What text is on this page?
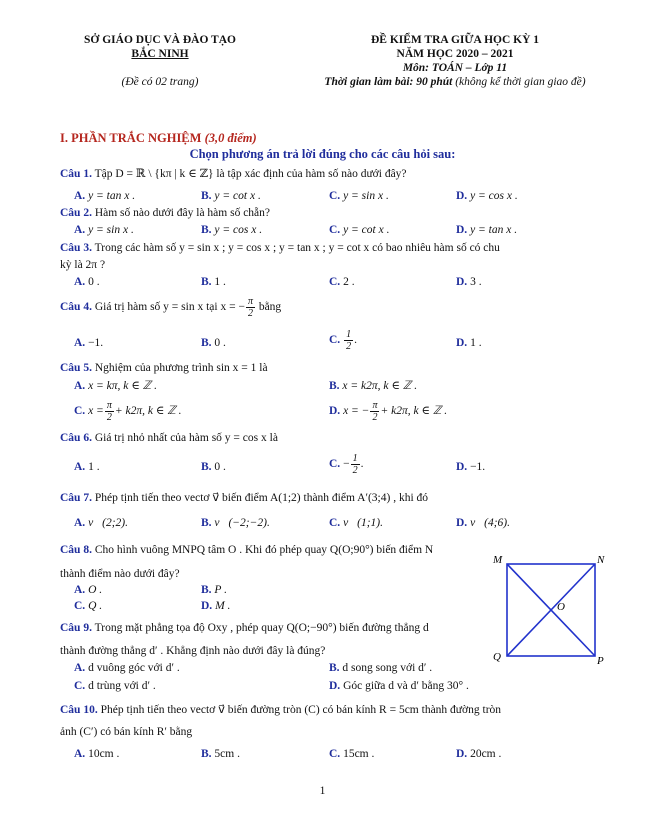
SỞ GIÁO DỤC VÀ ĐÀO TẠO
BẮC NINH
(Đề có 02 trang)
ĐỀ KIỂM TRA GIỮA HỌC KỲ 1
NĂM HỌC 2020 – 2021
Môn: TOÁN – Lớp 11
Thời gian làm bài: 90 phút (không kể thời gian giao đề)
I. PHẦN TRẮC NGHIỆM (3,0 điểm)
Chọn phương án trả lời đúng cho các câu hỏi sau:
Câu 1. Tập D = ℝ \ {kπ | k ∈ ℤ} là tập xác định của hàm số nào dưới đây?
A. y = tan x .	B. y = cot x .	C. y = sin x .	D. y = cos x .
Câu 2. Hàm số nào dưới đây là hàm số chẵn?
A. y = sin x .	B. y = cos x .	C. y = cot x .	D. y = tan x .
Câu 3. Trong các hàm số y = sin x ; y = cos x ; y = tan x ; y = cot x có bao nhiêu hàm số có chu
kỳ là 2π ?
A. 0 .	B. 1 .	C. 2 .	D. 3 .
Câu 4. Giá trị hàm số y = sin x tại x = − $\frac{\pi}{2}$ bằng
A. −1.	B. 0 .	C. $\frac{1}{2}$ .	D. 1 .
Câu 5. Nghiệm của phương trình sin x = 1 là
A. x = kπ, k ∈ ℤ .	B. x = k2π, k ∈ ℤ .
C. $x = \frac{\pi}{2} + k2\pi$, k ∈ ℤ .	D. x = − $\frac{\pi}{2} + k2\pi$, k ∈ ℤ .
Câu 6. Giá trị nhỏ nhất của hàm số y = cos x là
A. 1 .	B. 0 .	C. − $\frac{1}{2}$ .	D. −1.
Câu 7. Phép tịnh tiến theo vectơ v⃗ biến điểm A(1;2) thành điểm A′(3;4) , khi đó
A. v⃗(2;2).	B. v⃗(−2;−2).	C. v⃗(1;1).	D. v⃗(4;6).
Câu 8. Cho hình vuông MNPQ tâm O . Khi đó phép quay Q(O;90°) biến điểm N
thành điểm nào dưới đây?
A. O .	B. P .
C. Q .	D. M .
M	N
P
Q
O
Câu 9. Trong mặt phẳng tọa độ Oxy , phép quay Q(O;−90°) biến đường thẳng d
thành đường thẳng d′ . Khẳng định nào dưới đây là đúng?
A. d vuông góc với d′ .	B. d song song với d′ .
C. d trùng với d′ .	D. Góc giữa d và d′ bằng 30° .
Câu 10. Phép tịnh tiến theo vectơ v⃗ biến đường tròn (C) có bán kính R = 5cm thành đường tròn
ảnh (C′) có bán kính R′ bằng
A. 10cm .	B. 5cm .	C. 15cm .	D. 20cm .
1
